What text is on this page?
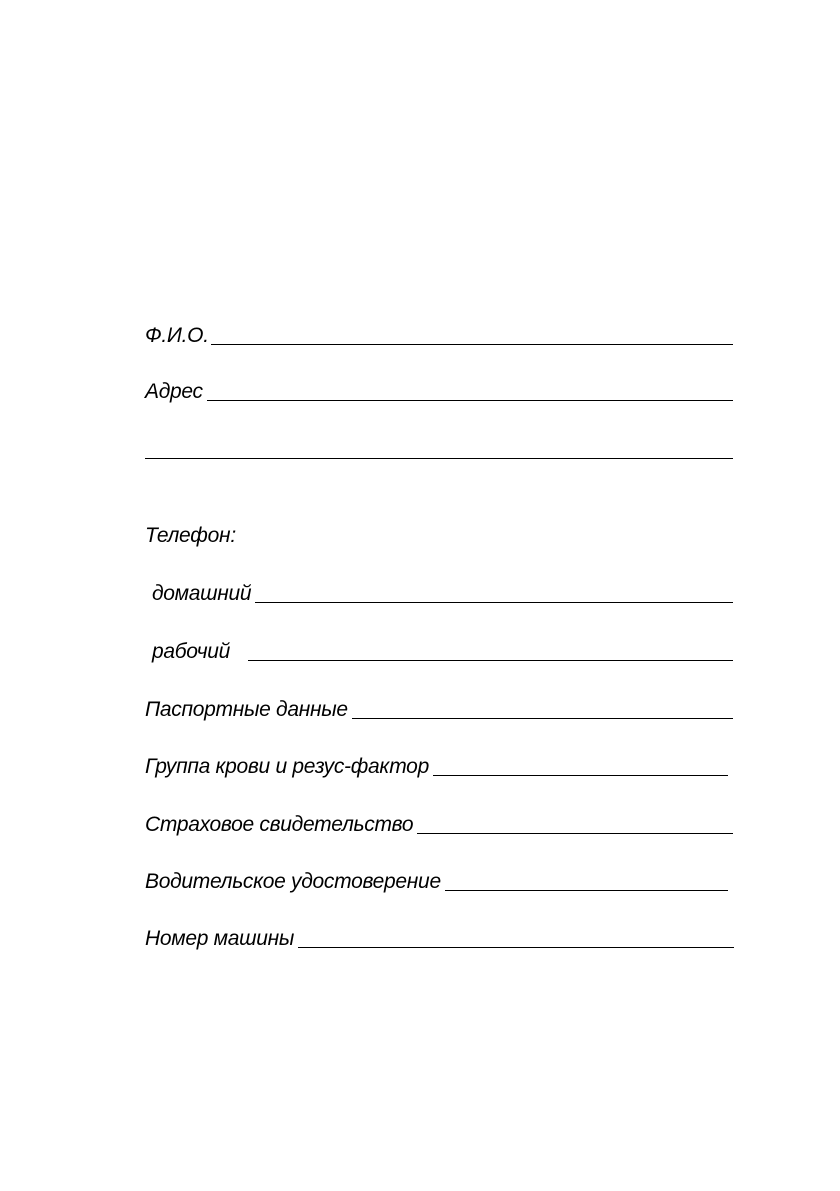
Ф.И.О.
Адрес
Телефон:
домашний
рабочий
Паспортные данные
Группа крови и резус-фактор
Страховое свидетельство
Водительское удостоверение
Номер машины
